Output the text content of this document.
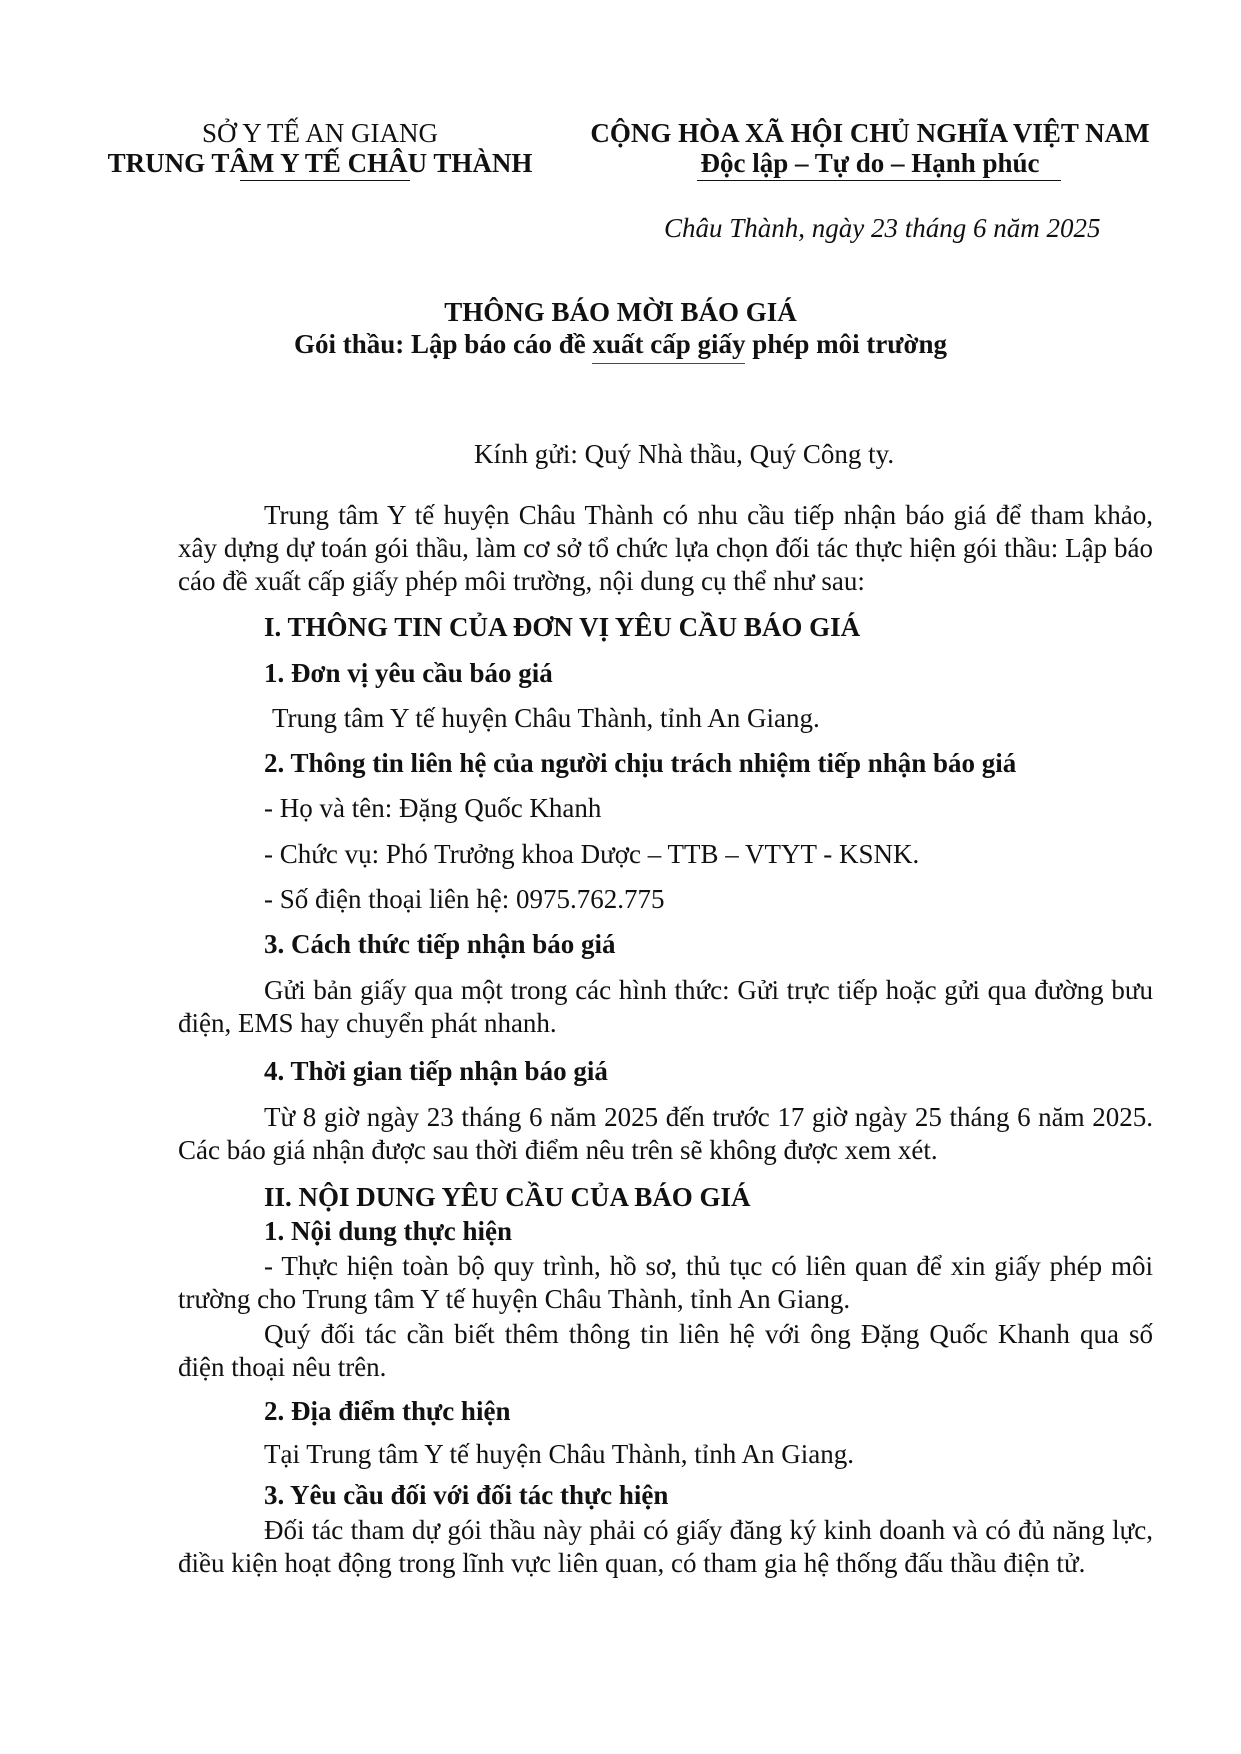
SỞ Y TẾ AN GIANG
TRUNG TÂM Y TẾ CHÂU THÀNH
CỘNG HÒA XÃ HỘI CHỦ NGHĨA VIỆT NAM
Độc lập – Tự do – Hạnh phúc
Châu Thành, ngày 23 tháng 6 năm 2025
THÔNG BÁO MỜI BÁO GIÁ
Gói thầu: Lập báo cáo đề xuất cấp giấy phép môi trường
Kính gửi: Quý Nhà thầu, Quý Công ty.
Trung tâm Y tế huyện Châu Thành có nhu cầu tiếp nhận báo giá để tham khảo, xây dựng dự toán gói thầu, làm cơ sở tổ chức lựa chọn đối tác thực hiện gói thầu: Lập báo cáo đề xuất cấp giấy phép môi trường, nội dung cụ thể như sau:
I. THÔNG TIN CỦA ĐƠN VỊ YÊU CẦU BÁO GIÁ
1. Đơn vị yêu cầu báo giá
Trung tâm Y tế huyện Châu Thành, tỉnh An Giang.
2. Thông tin liên hệ của người chịu trách nhiệm tiếp nhận báo giá
- Họ và tên: Đặng Quốc Khanh
- Chức vụ: Phó Trưởng khoa Dược – TTB – VTYT - KSNK.
- Số điện thoại liên hệ: 0975.762.775
3. Cách thức tiếp nhận báo giá
Gửi bản giấy qua một trong các hình thức: Gửi trực tiếp hoặc gửi qua đường bưu điện, EMS hay chuyển phát nhanh.
4. Thời gian tiếp nhận báo giá
Từ 8 giờ ngày 23 tháng 6 năm 2025 đến trước 17 giờ ngày 25 tháng 6 năm 2025. Các báo giá nhận được sau thời điểm nêu trên sẽ không được xem xét.
II. NỘI DUNG YÊU CẦU CỦA BÁO GIÁ
1. Nội dung thực hiện
- Thực hiện toàn bộ quy trình, hồ sơ, thủ tục có liên quan để xin giấy phép môi trường cho Trung tâm Y tế huyện Châu Thành, tỉnh An Giang.
Quý đối tác cần biết thêm thông tin liên hệ với ông Đặng Quốc Khanh qua số điện thoại nêu trên.
2. Địa điểm thực hiện
Tại Trung tâm Y tế huyện Châu Thành, tỉnh An Giang.
3. Yêu cầu đối với đối tác thực hiện
Đối tác tham dự gói thầu này phải có giấy đăng ký kinh doanh và có đủ năng lực, điều kiện hoạt động trong lĩnh vực liên quan, có tham gia hệ thống đấu thầu điện tử.
